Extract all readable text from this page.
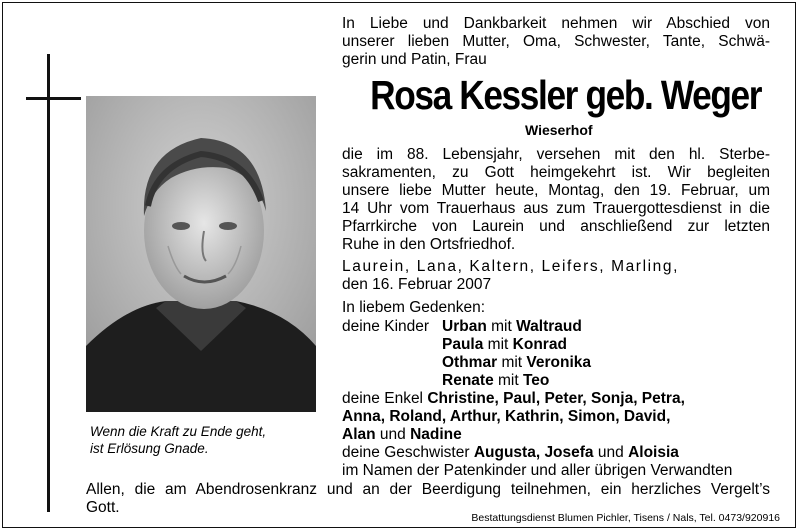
Wenn die Kraft zu Ende geht,
ist Erlösung Gnade.
In Liebe und Dankbarkeit nehmen wir Abschied von
unserer lieben Mutter, Oma, Schwester, Tante, Schwä-
gerin und Patin, Frau
Rosa Kessler geb. Weger
Wieserhof
die im 88. Lebensjahr, versehen mit den hl. Sterbe-
sakramenten, zu Gott heimgekehrt ist. Wir begleiten
unsere liebe Mutter heute, Montag, den 19. Februar, um
14 Uhr vom Trauerhaus aus zum Trauergottesdienst in die
Pfarrkirche von Laurein und anschließend zur letzten
Ruhe in den Ortsfriedhof.
Laurein, Lana, Kaltern, Leifers, Marling,
den 16. Februar 2007
In liebem Gedenken:
deine Kinder Urban mit Waltraud
Paula mit Konrad
Othmar mit Veronika
Renate mit Teo
deine Enkel Christine, Paul, Peter, Sonja, Petra,
Anna, Roland, Arthur, Kathrin, Simon, David,
Alan und Nadine
deine Geschwister Augusta, Josefa und Aloisia
im Namen der Patenkinder und aller übrigen Verwandten
Allen, die am Abendrosenkranz und an der Beerdigung teilnehmen, ein herzliches Vergelt’s
Gott.
Bestattungsdienst Blumen Pichler, Tisens / Nals, Tel. 0473/920916
